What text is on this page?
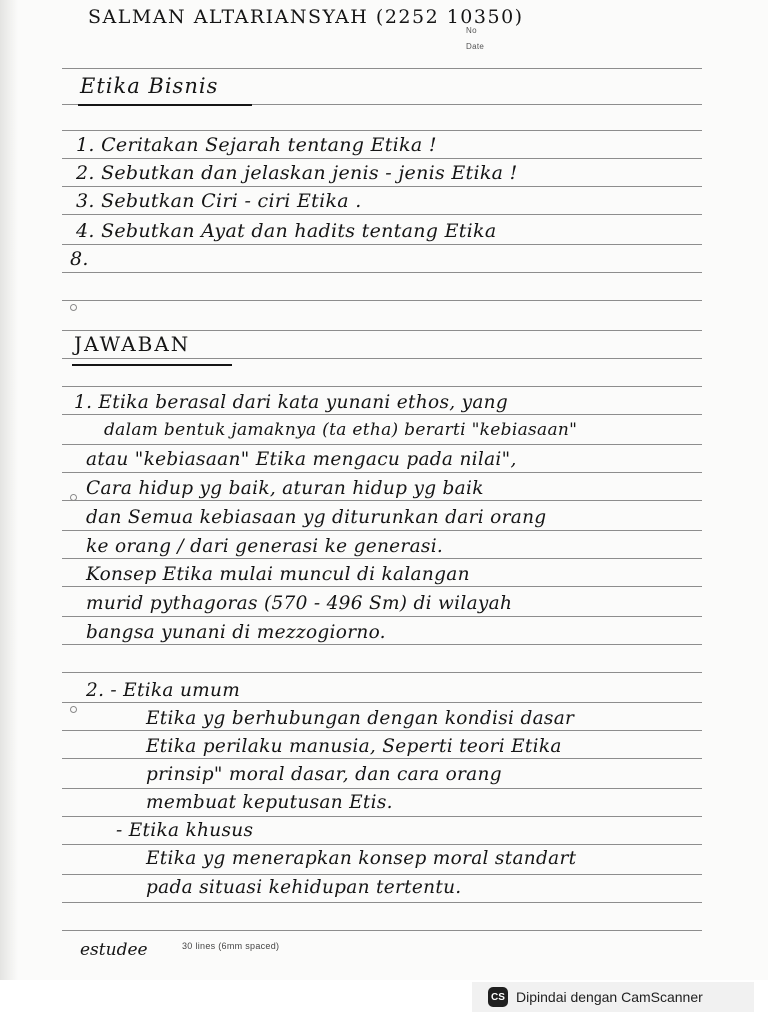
SALMAN ALTARIANSYAH (2252 10350)
No
Date
Etika Bisnis
1. Ceritakan Sejarah tentang Etika !
2. Sebutkan dan jelaskan jenis - jenis Etika !
3. Sebutkan Ciri - ciri Etika .
4. Sebutkan Ayat dan hadits tentang Etika
8.
JAWABAN
1. Etika berasal dari kata yunani ethos, yang
dalam bentuk jamaknya (ta etha) berarti "kebiasaan"
atau "kebiasaan" Etika mengacu pada nilai",
Cara hidup yg baik, aturan hidup yg baik
dan Semua kebiasaan yg diturunkan dari orang
ke orang / dari generasi ke generasi.
Konsep Etika mulai muncul di kalangan
murid pythagoras (570 - 496 Sm) di wilayah
bangsa yunani di mezzogiorno.
2. - Etika umum
Etika yg berhubungan dengan kondisi dasar
Etika perilaku manusia, Seperti teori Etika
prinsip" moral dasar, dan cara orang
membuat keputusan Etis.
- Etika khusus
Etika yg menerapkan konsep moral standart
pada situasi kehidupan tertentu.
estudee	30 lines (6mm spaced)
CS Dipindai dengan CamScanner
